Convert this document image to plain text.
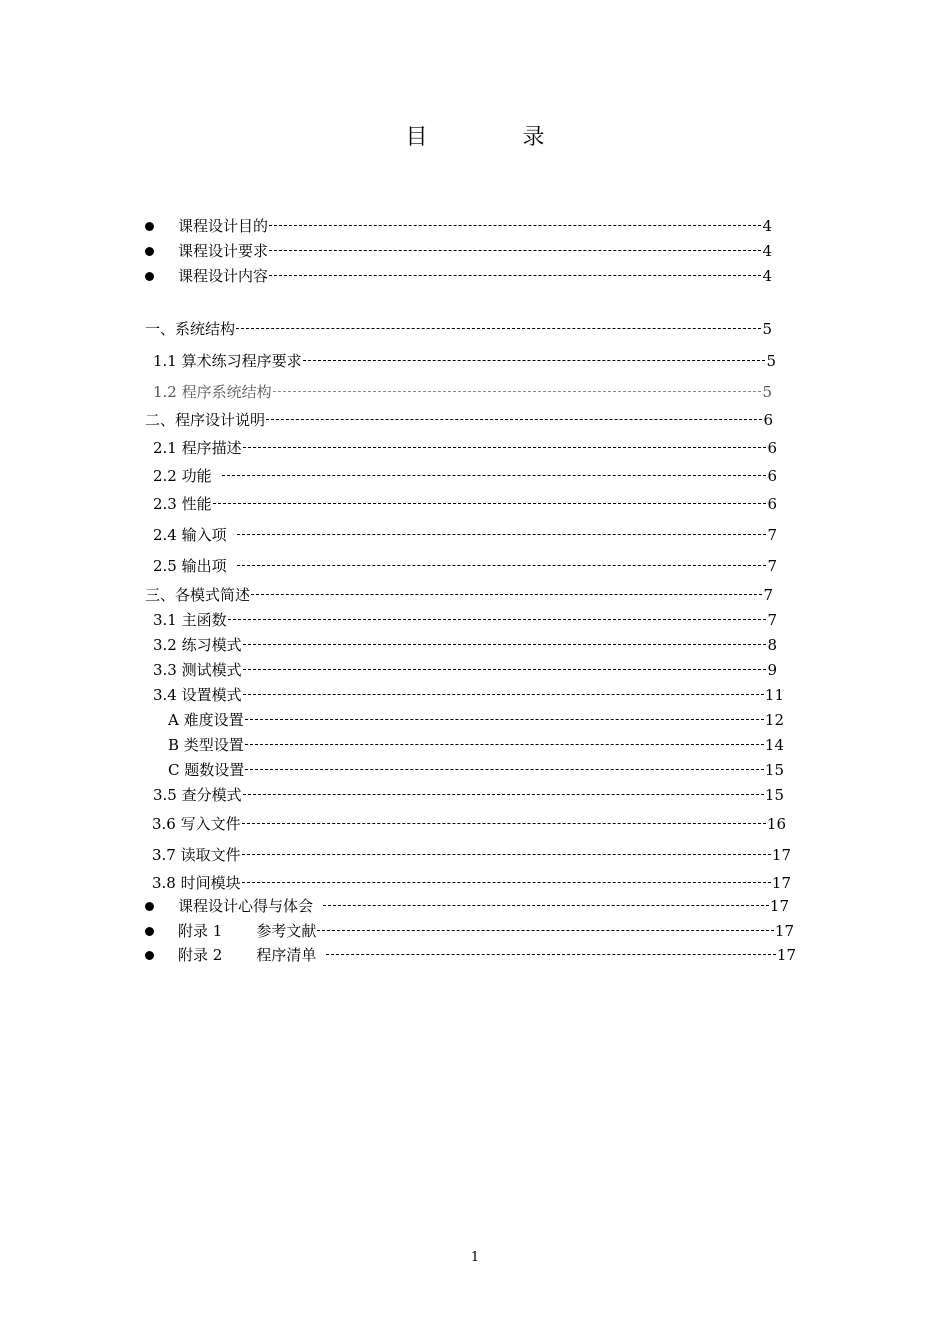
目	录
课程设计目的	4
课程设计要求	4
课程设计内容	4
一、系统结构	5
1.1 算术练习程序要求	5
1.2 程序系统结构	5
二、程序设计说明	6
2.1 程序描述	6
2.2 功能	6
2.3 性能	6
2.4 输入项	7
2.5 输出项	7
三、各模式简述	7
3.1 主函数	7
3.2 练习模式	8
3.3 测试模式	9
3.4 设置模式	11
A 难度设置	12
B 类型设置	14
C 题数设置	15
3.5 查分模式	15
3.6 写入文件	16
3.7 读取文件	17
3.8 时间模块	17
课程设计心得与体会	17
附录 1 参考文献	17
附录 2 程序清单	17
1
